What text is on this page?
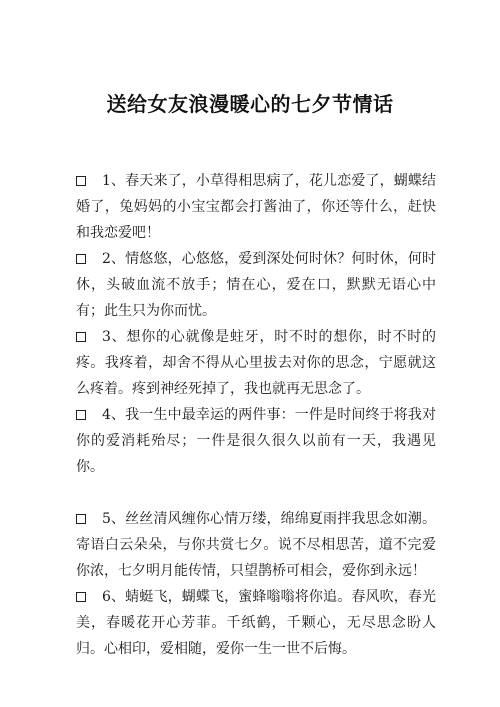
送给女友浪漫暖心的七夕节情话

1、春天来了，小草得相思病了，花儿恋爱了，蝴蝶结婚了，兔妈妈的小宝宝都会打酱油了，你还等什么，赶快和我恋爱吧！

2、情悠悠，心悠悠，爱到深处何时休？何时休，何时休，头破血流不放手；情在心，爱在口，默默无语心中有；此生只为你而忧。

3、想你的心就像是蛀牙，时不时的想你，时不时的疼。我疼着，却舍不得从心里拔去对你的思念，宁愿就这么疼着。疼到神经死掉了，我也就再无思念了。

4、我一生中最幸运的两件事：一件是时间终于将我对你的爱消耗殆尽；一件是很久很久以前有一天，我遇见你。

5、丝丝清风缠你心情万缕，绵绵夏雨拌我思念如潮。寄语白云朵朵，与你共赏七夕。说不尽相思苦，道不完爱你浓，七夕明月能传情，只望鹊桥可相会，爱你到永远！

6、蜻蜓飞，蝴蝶飞，蜜蜂嗡嗡将你追。春风吹，春光美，春暖花开心芳菲。千纸鹤，千颗心，无尽思念盼人归。心相印，爱相随，爱你一生一世不后悔。
